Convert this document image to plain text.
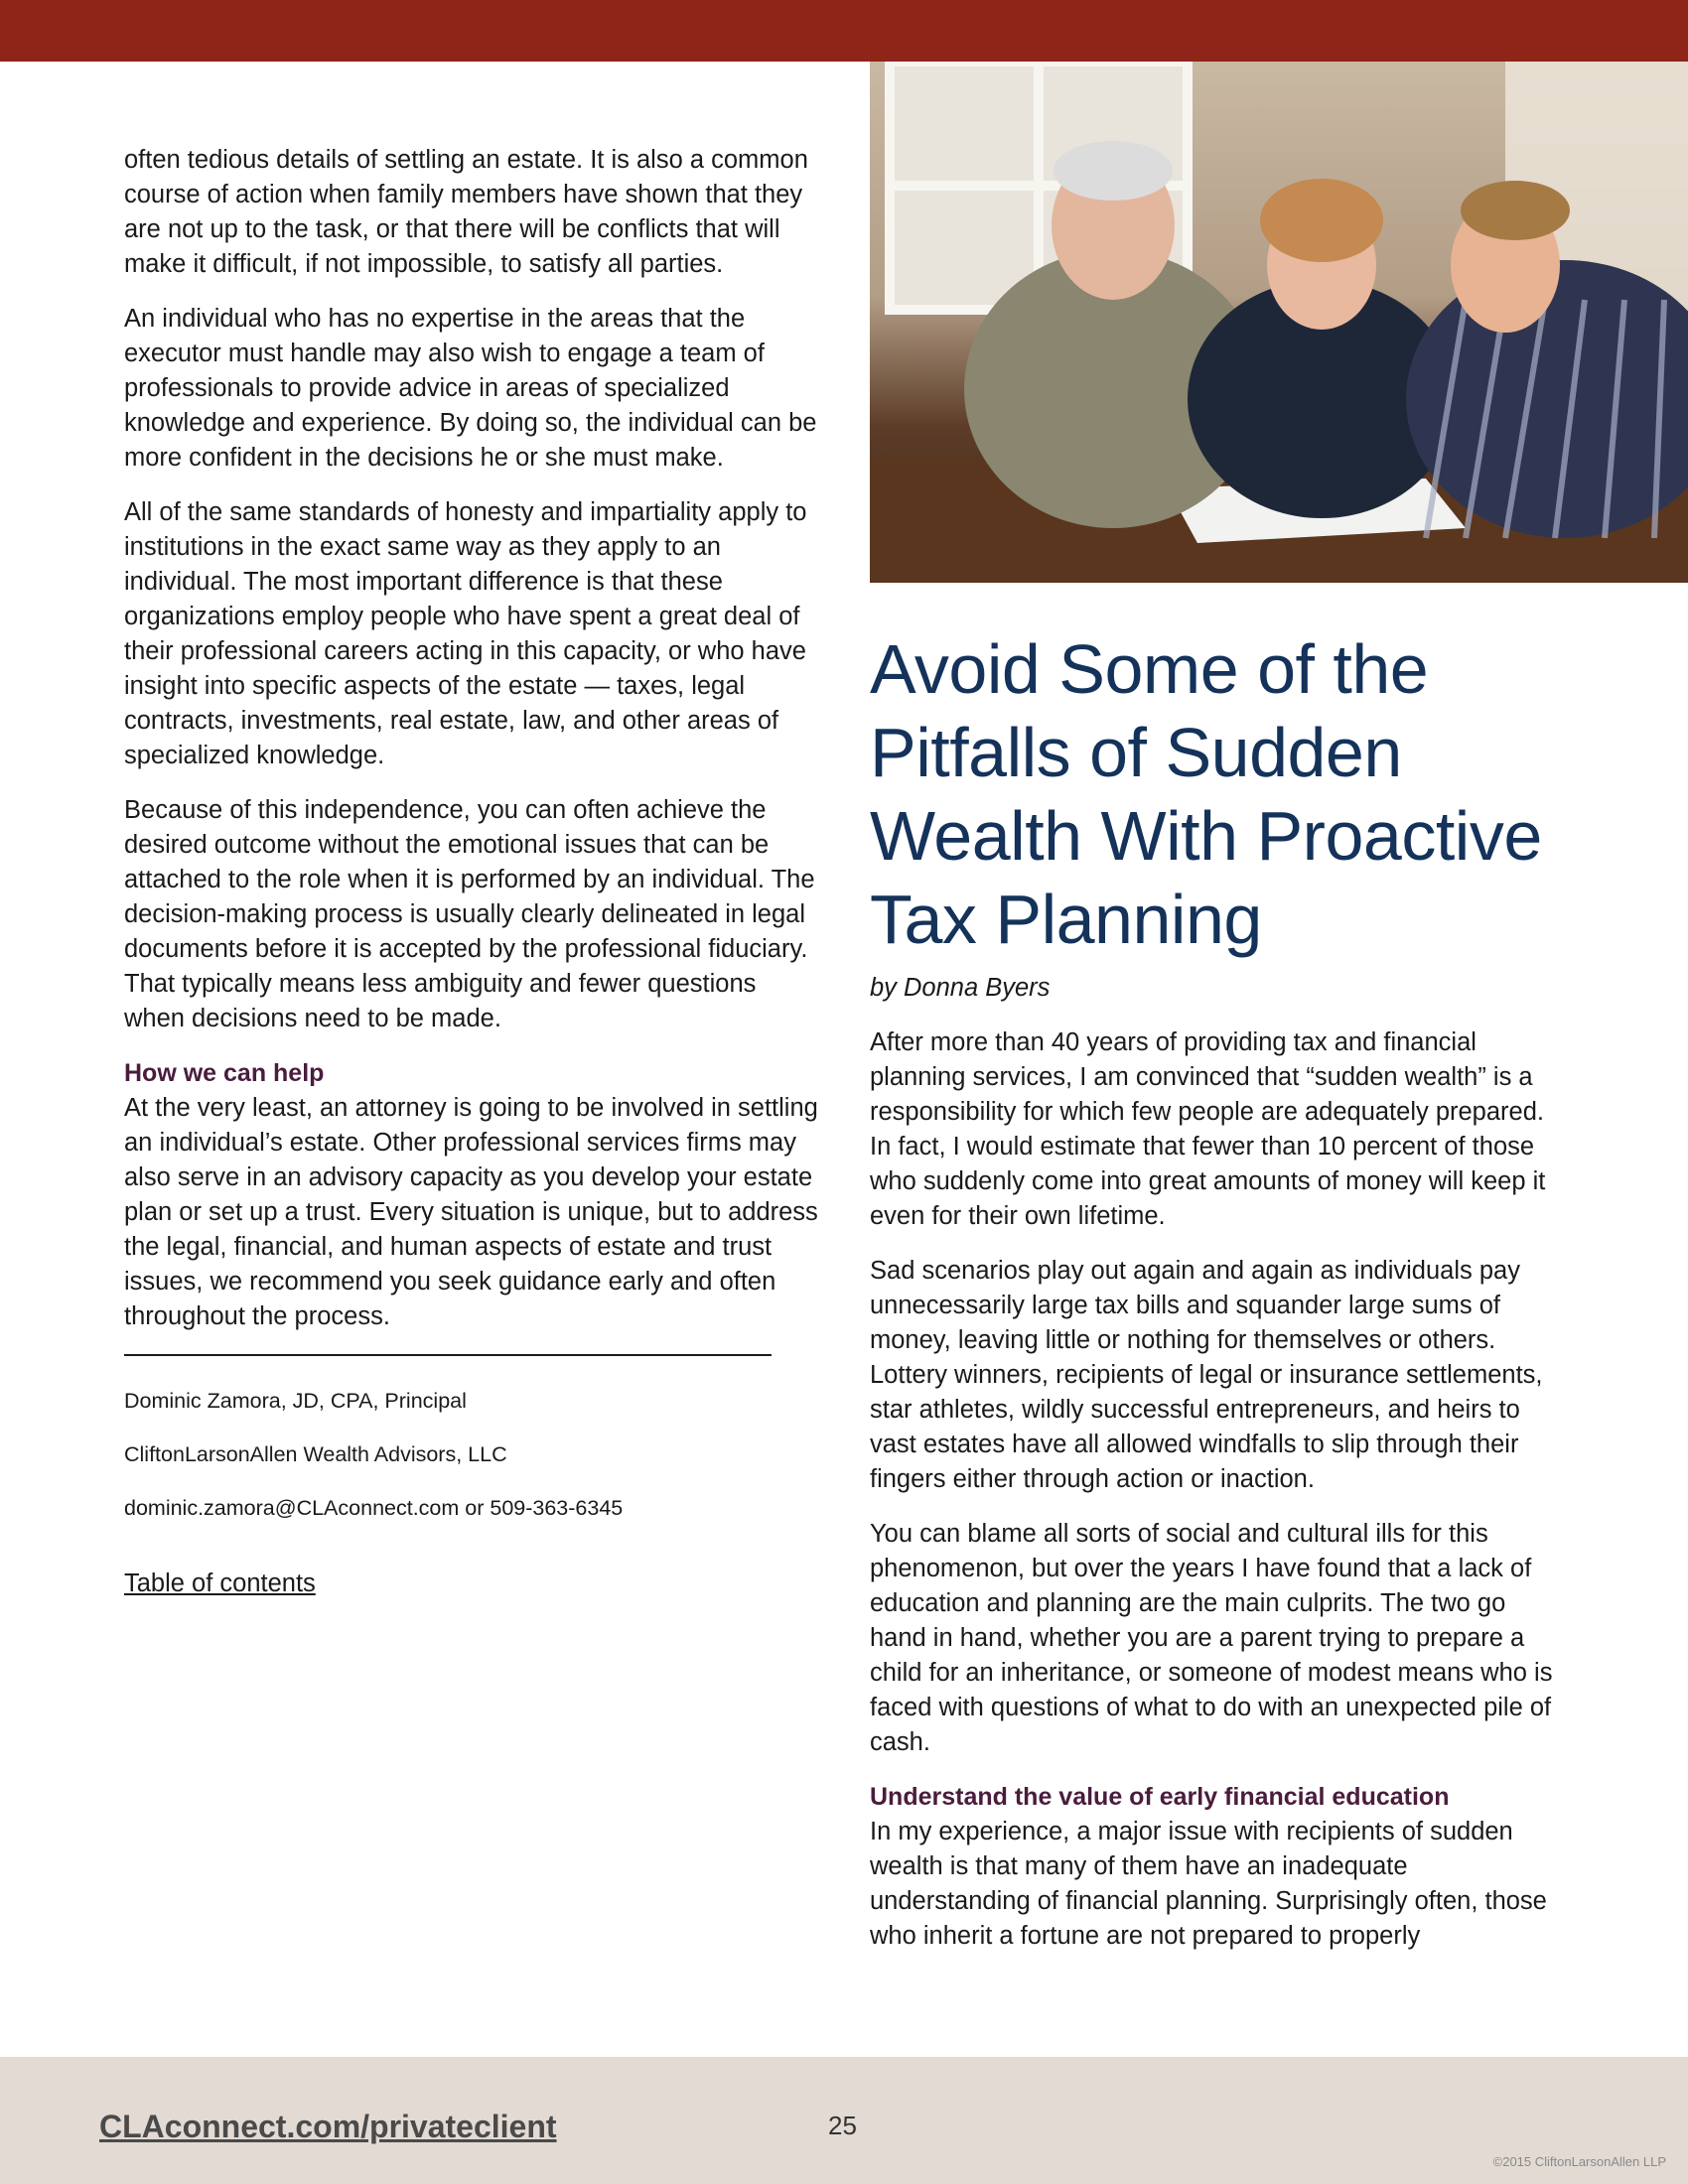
often tedious details of settling an estate. It is also a common course of action when family members have shown that they are not up to the task, or that there will be conflicts that will make it difficult, if not impossible, to satisfy all parties.

An individual who has no expertise in the areas that the executor must handle may also wish to engage a team of professionals to provide advice in areas of specialized knowledge and experience. By doing so, the individual can be more confident in the decisions he or she must make.

All of the same standards of honesty and impartiality apply to institutions in the exact same way as they apply to an individual. The most important difference is that these organizations employ people who have spent a great deal of their professional careers acting in this capacity, or who have insight into specific aspects of the estate — taxes, legal contracts, investments, real estate, law, and other areas of specialized knowledge.

Because of this independence, you can often achieve the desired outcome without the emotional issues that can be attached to the role when it is performed by an individual. The decision-making process is usually clearly delineated in legal documents before it is accepted by the professional fiduciary. That typically means less ambiguity and fewer questions when decisions need to be made.

How we can help

At the very least, an attorney is going to be involved in settling an individual’s estate. Other professional services firms may also serve in an advisory capacity as you develop your estate plan or set up a trust. Every situation is unique, but to address the legal, financial, and human aspects of estate and trust issues, we recommend you seek guidance early and often throughout the process.

Dominic Zamora, JD, CPA, Principal

CliftonLarsonAllen Wealth Advisors, LLC

dominic.zamora@CLAconnect.com or 509-363-6345

Table of contents
Avoid Some of the Pitfalls of Sudden Wealth With Proactive Tax Planning

by Donna Byers

After more than 40 years of providing tax and financial planning services, I am convinced that “sudden wealth” is a responsibility for which few people are adequately prepared. In fact, I would estimate that fewer than 10 percent of those who suddenly come into great amounts of money will keep it even for their own lifetime.

Sad scenarios play out again and again as individuals pay unnecessarily large tax bills and squander large sums of money, leaving little or nothing for themselves or others. Lottery winners, recipients of legal or insurance settlements, star athletes, wildly successful entrepreneurs, and heirs to vast estates have all allowed windfalls to slip through their fingers either through action or inaction.

You can blame all sorts of social and cultural ills for this phenomenon, but over the years I have found that a lack of education and planning are the main culprits. The two go hand in hand, whether you are a parent trying to prepare a child for an inheritance, or someone of modest means who is faced with questions of what to do with an unexpected pile of cash.

Understand the value of early financial education

In my experience, a major issue with recipients of sudden wealth is that many of them have an inadequate understanding of financial planning. Surprisingly often, those who inherit a fortune are not prepared to properly

CLAconnect.com/privateclient	25
©2015 CliftonLarsonAllen LLP
